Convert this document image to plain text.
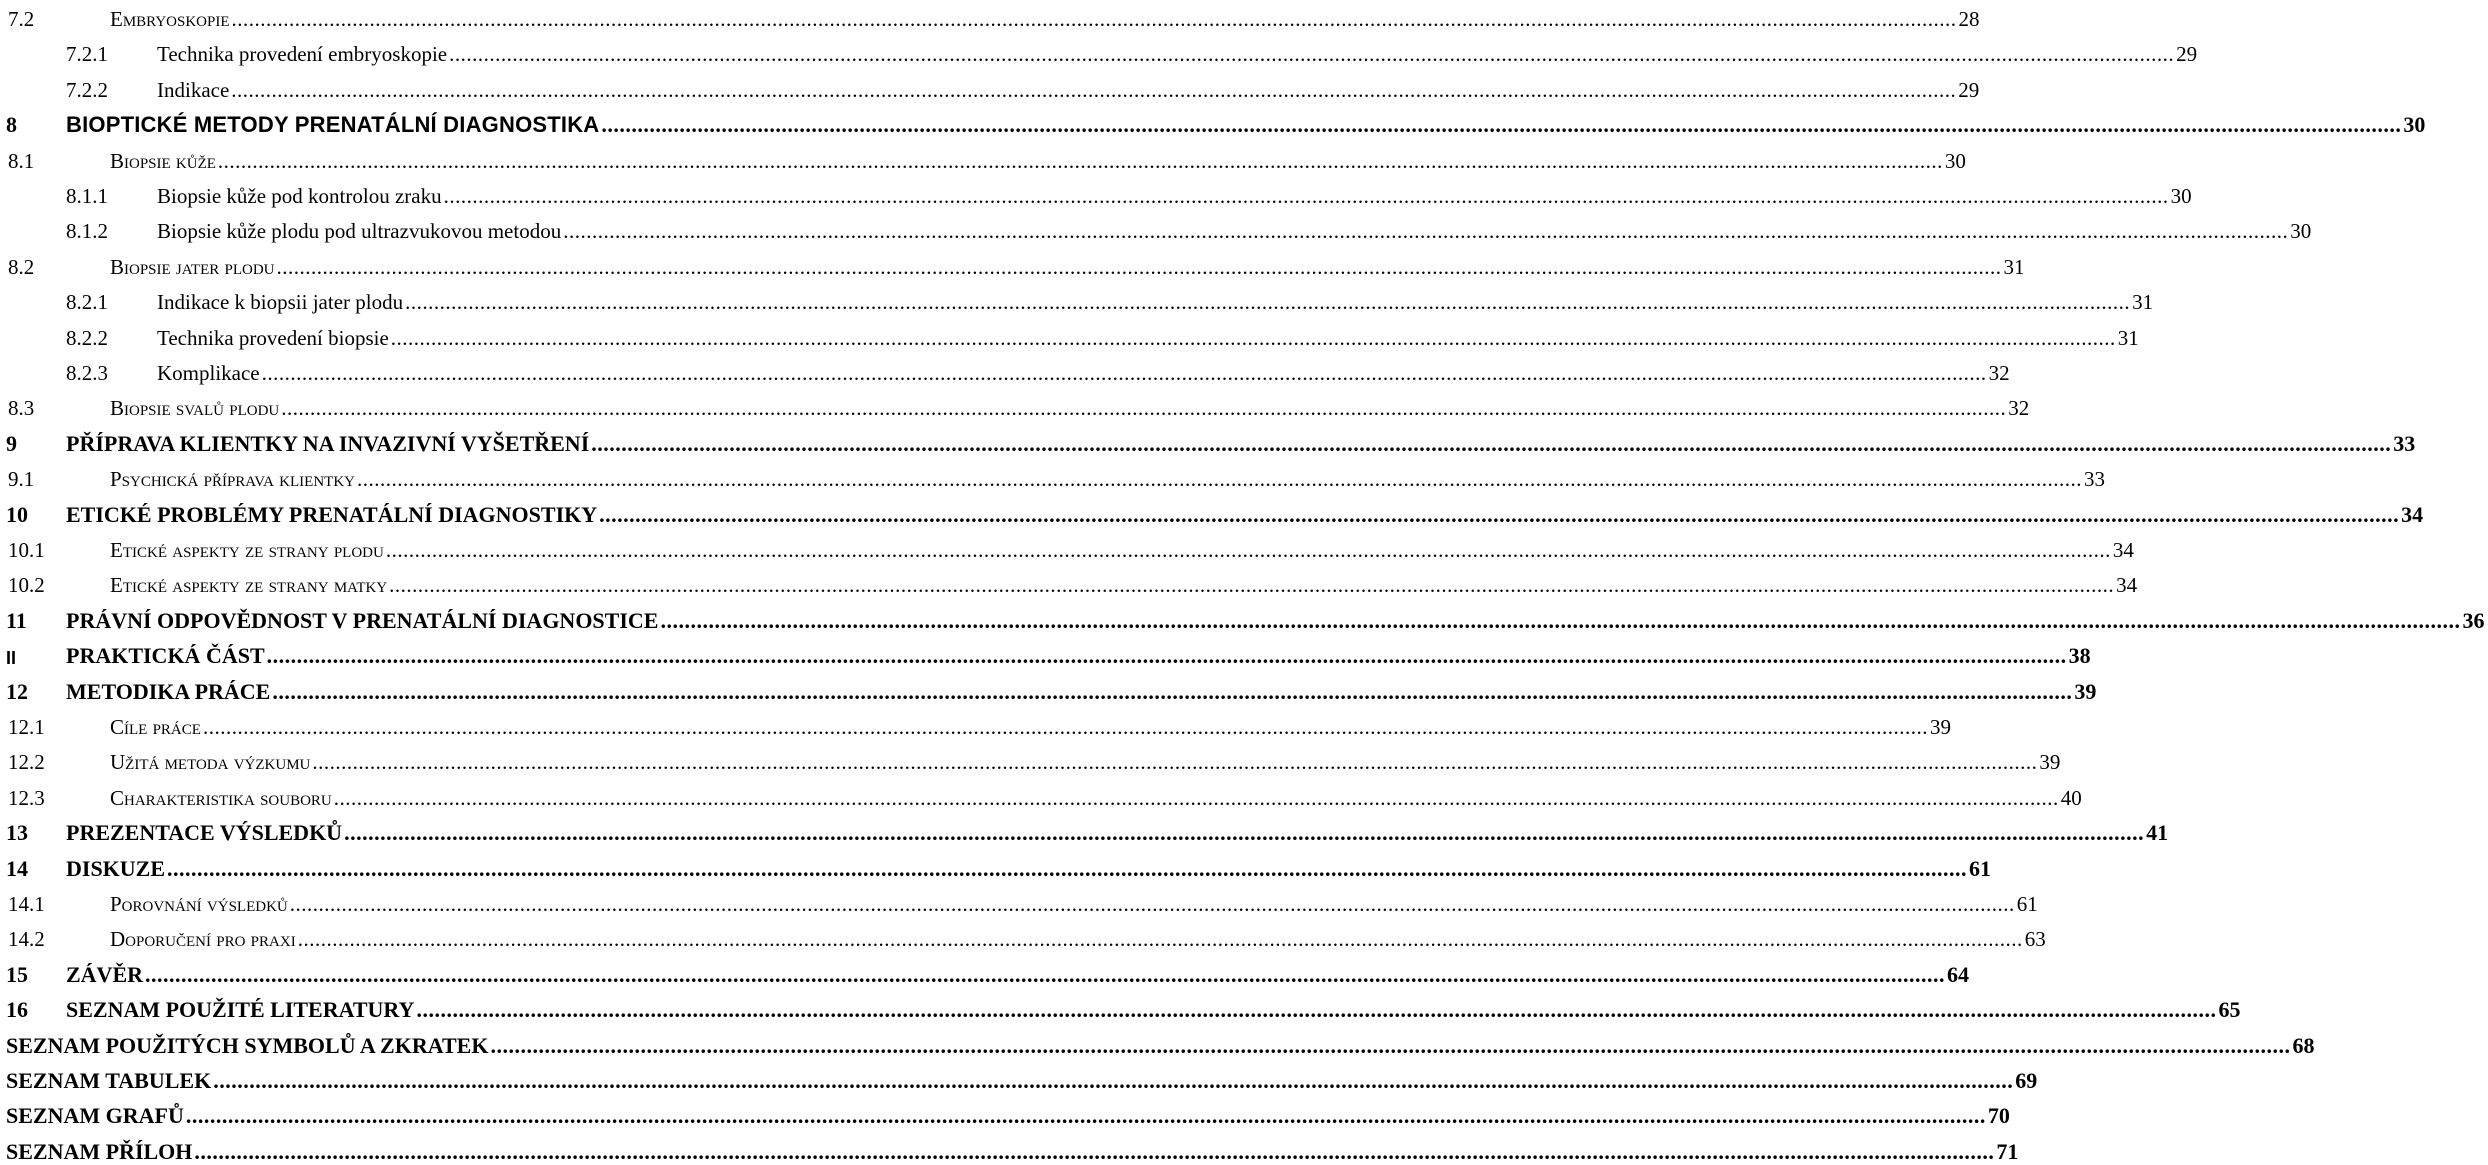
7.2	Embryoskopie ............................................................................................................................................................................................................................................................................................................ 28
7.2.1	Technika provedení embryoskopie ............................................................................................................................................................................................................................................................................................................ 29
7.2.2	Indikace ............................................................................................................................................................................................................................................................................................................ 29
8	BIOPTICKÉ METODY PRENATÁLNÍ DIAGNOSTIKA ............................................................................................................................................................................................................................................................................................................ 30
8.1	Biopsie kůže ............................................................................................................................................................................................................................................................................................................ 30
8.1.1	Biopsie kůže pod kontrolou zraku ............................................................................................................................................................................................................................................................................................................ 30
8.1.2	Biopsie kůže plodu pod ultrazvukovou metodou ............................................................................................................................................................................................................................................................................................................ 30
8.2	Biopsie jater plodu ............................................................................................................................................................................................................................................................................................................ 31
8.2.1	Indikace k biopsii jater plodu ............................................................................................................................................................................................................................................................................................................ 31
8.2.2	Technika provedení biopsie ............................................................................................................................................................................................................................................................................................................ 31
8.2.3	Komplikace ............................................................................................................................................................................................................................................................................................................ 32
8.3	Biopsie svalů plodu ............................................................................................................................................................................................................................................................................................................ 32
9	PŘÍPRAVA KLIENTKY NA INVAZIVNÍ VYŠETŘENÍ ............................................................................................................................................................................................................................................................................................................ 33
9.1	Psychická příprava klientky ............................................................................................................................................................................................................................................................................................................ 33
10	ETICKÉ PROBLÉMY PRENATÁLNÍ DIAGNOSTIKY ............................................................................................................................................................................................................................................................................................................ 34
10.1	Etické aspekty ze strany plodu ............................................................................................................................................................................................................................................................................................................ 34
10.2	Etické aspekty ze strany matky ............................................................................................................................................................................................................................................................................................................ 34
11	PRÁVNÍ ODPOVĚDNOST V PRENATÁLNÍ DIAGNOSTICE ............................................................................................................................................................................................................................................................................................................ 36
II	PRAKTICKÁ ČÁST ............................................................................................................................................................................................................................................................................................................ 38
12	METODIKA PRÁCE ............................................................................................................................................................................................................................................................................................................ 39
12.1	Cíle práce ............................................................................................................................................................................................................................................................................................................ 39
12.2	Užitá metoda výzkumu ............................................................................................................................................................................................................................................................................................................ 39
12.3	Charakteristika souboru ............................................................................................................................................................................................................................................................................................................ 40
13	PREZENTACE VÝSLEDKŮ ............................................................................................................................................................................................................................................................................................................ 41
14	DISKUZE ............................................................................................................................................................................................................................................................................................................ 61
14.1	Porovnání výsledků ............................................................................................................................................................................................................................................................................................................ 61
14.2	Doporučení pro praxi ............................................................................................................................................................................................................................................................................................................ 63
15	ZÁVĚR ............................................................................................................................................................................................................................................................................................................ 64
16	SEZNAM POUŽITÉ LITERATURY ............................................................................................................................................................................................................................................................................................................ 65
SEZNAM POUŽITÝCH SYMBOLŮ A ZKRATEK ............................................................................................................................................................................................................................................................................................................ 68
SEZNAM TABULEK ............................................................................................................................................................................................................................................................................................................ 69
SEZNAM GRAFŮ ............................................................................................................................................................................................................................................................................................................ 70
SEZNAM PŘÍLOH ............................................................................................................................................................................................................................................................................................................ 71
